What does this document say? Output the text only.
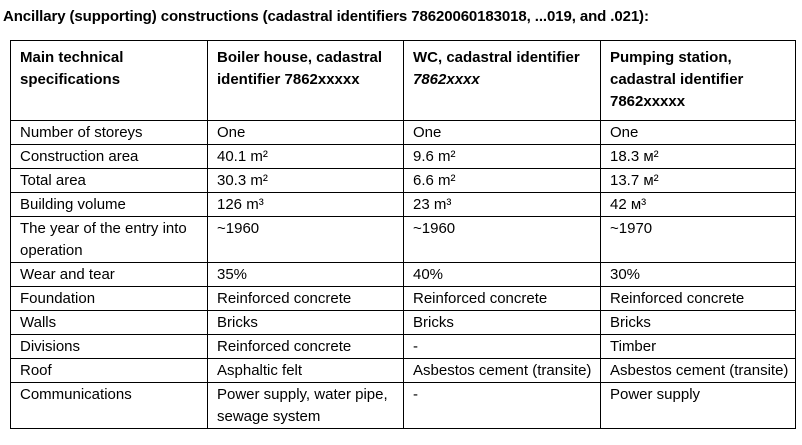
Ancillary (supporting) constructions (cadastral identifiers 78620060183018, ...019, and .021):
Main technical specifications	Boiler house, cadastral identifier 7862xxxxx	WC, cadastral identifier 7862xxxx	Pumping station, cadastral identifier 7862xxxxx
Number of storeys	One	One	One
Construction area	40.1 m²	9.6 m²	18.3 м²
Total area	30.3 m²	6.6 m²	13.7 м²
Building volume	126 m³	23 m³	42 м³
The year of the entry into operation	~1960	~1960	~1970
Wear and tear	35%	40%	30%
Foundation	Reinforced concrete	Reinforced concrete	Reinforced concrete
Walls	Bricks	Bricks	Bricks
Divisions	Reinforced concrete	-	Timber
Roof	Asphaltic felt	Asbestos cement (transite)	Asbestos cement (transite)
Communications	Power supply, water pipe, sewage system	-	Power supply
